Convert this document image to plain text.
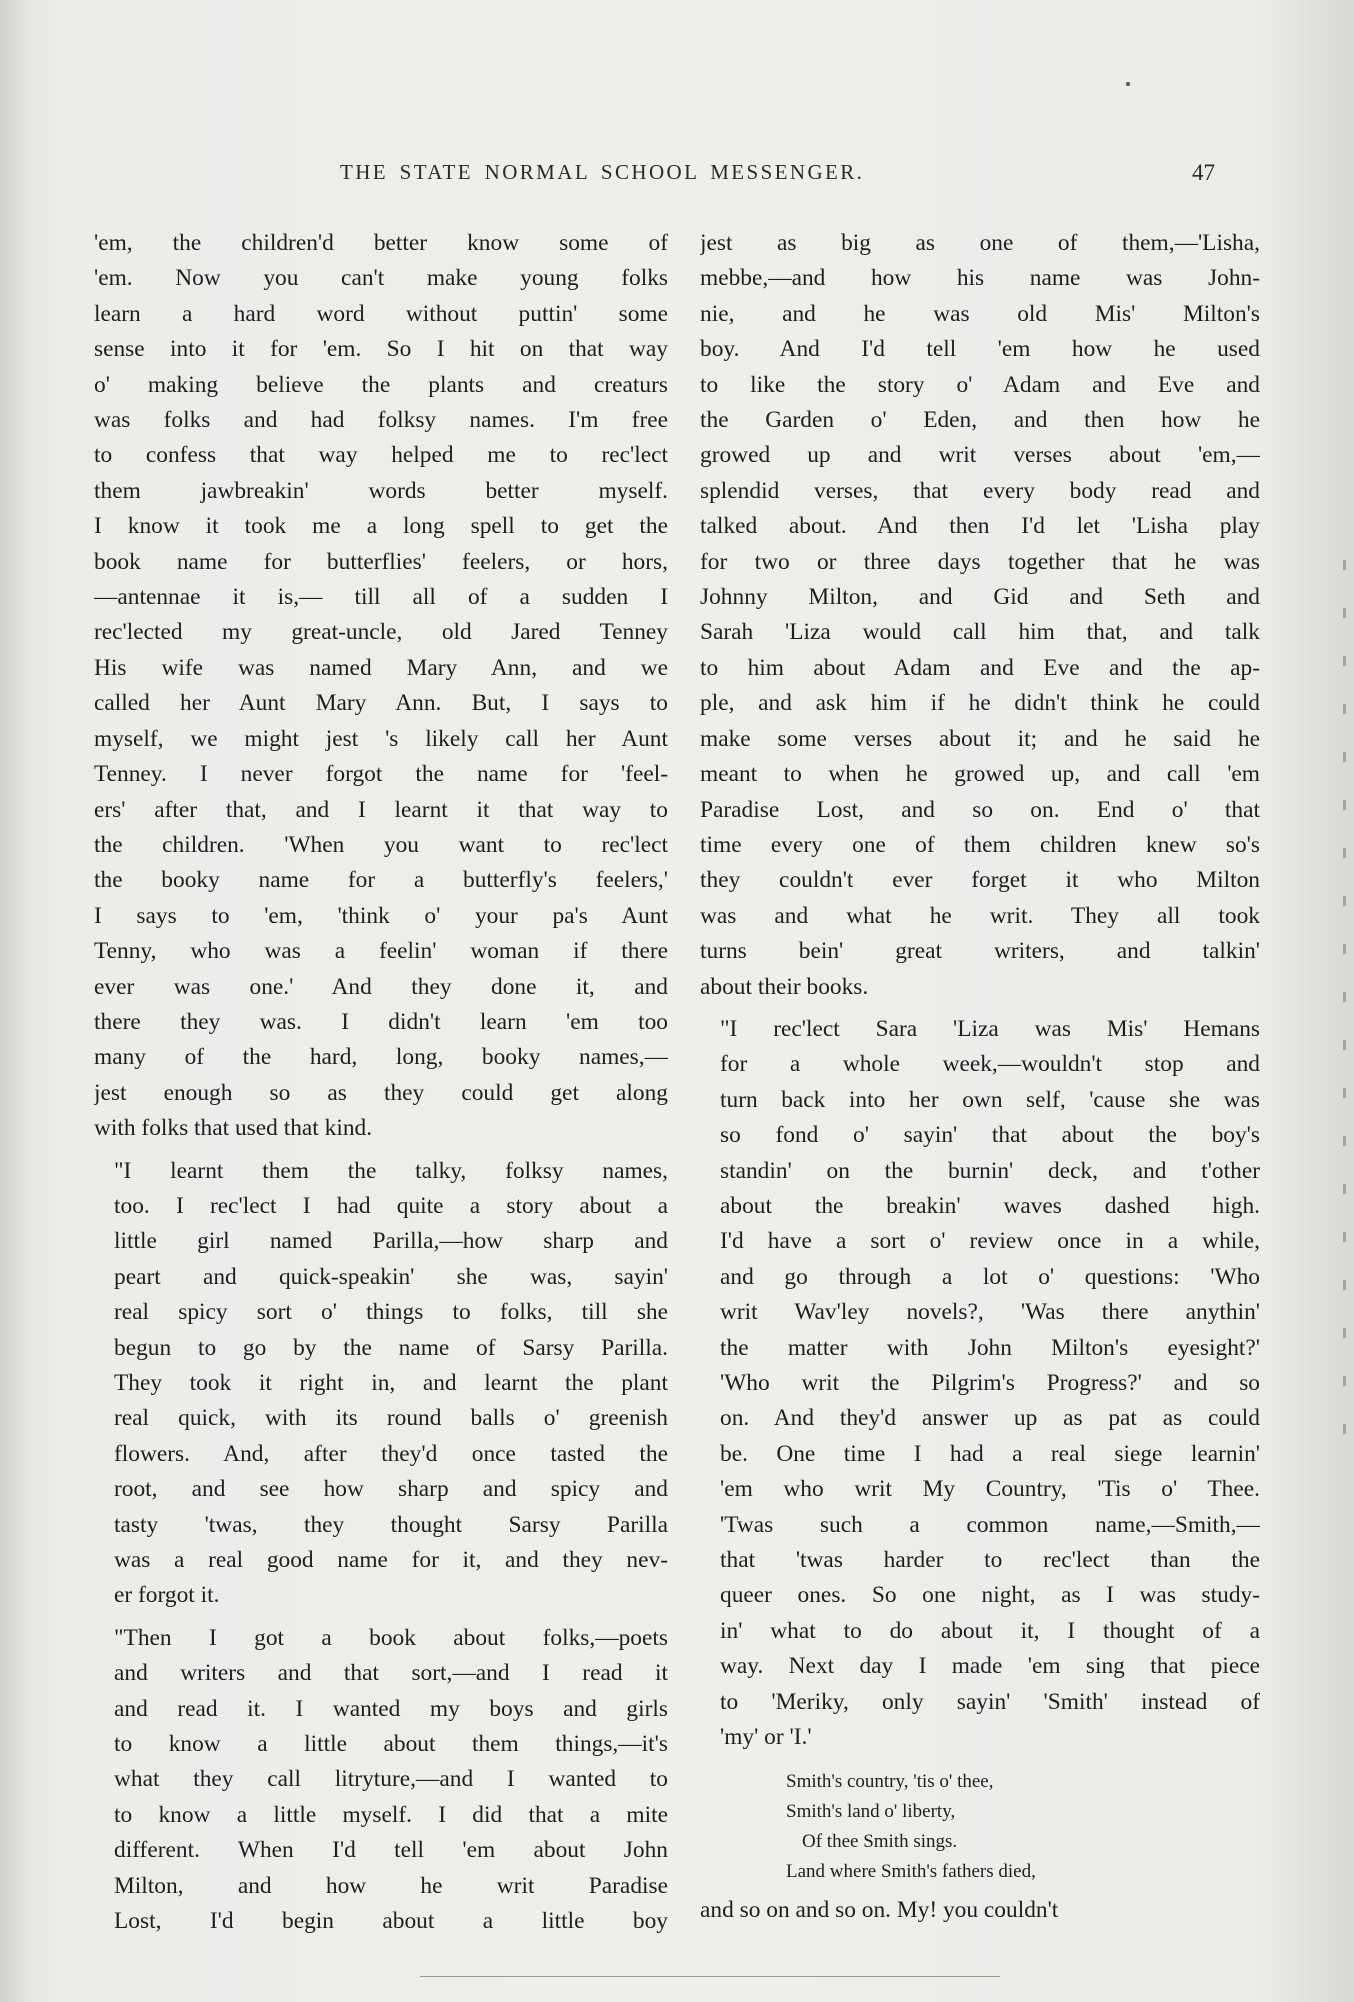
THE STATE NORMAL SCHOOL MESSENGER.	47

'em, the children'd better know some of
'em. Now you can't make young folks
learn a hard word without puttin' some
sense into it for 'em. So I hit on that way
o' making believe the plants and creaturs
was folks and had folksy names. I'm free
to confess that way helped me to rec'lect
them jawbreakin' words better myself.
I know it took me a long spell to get the
book name for butterflies' feelers, or hors,
—antennae it is,— till all of a sudden I
rec'lected my great-uncle, old Jared Tenney
His wife was named Mary Ann, and we
called her Aunt Mary Ann. But, I says to
myself, we might jest 's likely call her Aunt
Tenney. I never forgot the name for 'feel-
ers' after that, and I learnt it that way to
the children. 'When you want to rec'lect
the booky name for a butterfly's feelers,'
I says to 'em, 'think o' your pa's Aunt
Tenny, who was a feelin' woman if there
ever was one.' And they done it, and
there they was. I didn't learn 'em too
many of the hard, long, booky names,—
jest enough so as they could get along
with folks that used that kind.

"I learnt them the talky, folksy names,
too. I rec'lect I had quite a story about a
little girl named Parilla,—how sharp and
peart and quick-speakin' she was, sayin'
real spicy sort o' things to folks, till she
begun to go by the name of Sarsy Parilla.
They took it right in, and learnt the plant
real quick, with its round balls o' greenish
flowers. And, after they'd once tasted the
root, and see how sharp and spicy and
tasty 'twas, they thought Sarsy Parilla
was a real good name for it, and they nev-
er forgot it.

"Then I got a book about folks,—poets
and writers and that sort,—and I read it
and read it. I wanted my boys and girls
to know a little about them things,—it's
what they call litryture,—and I wanted to
to know a little myself. I did that a mite
different. When I'd tell 'em about John
Milton, and how he writ Paradise
Lost, I'd begin about a little boy

jest as big as one of them,—'Lisha,
mebbe,—and how his name was John-
nie, and he was old Mis' Milton's
boy. And I'd tell 'em how he used
to like the story o' Adam and Eve and
the Garden o' Eden, and then how he
growed up and writ verses about 'em,—
splendid verses, that every body read and
talked about. And then I'd let 'Lisha play
for two or three days together that he was
Johnny Milton, and Gid and Seth and
Sarah 'Liza would call him that, and talk
to him about Adam and Eve and the ap-
ple, and ask him if he didn't think he could
make some verses about it; and he said he
meant to when he growed up, and call 'em
Paradise Lost, and so on. End o' that
time every one of them children knew so's
they couldn't ever forget it who Milton
was and what he writ. They all took
turns bein' great writers, and talkin'
about their books.

"I rec'lect Sara 'Liza was Mis' Hemans
for a whole week,—wouldn't stop and
turn back into her own self, 'cause she was
so fond o' sayin' that about the boy's
standin' on the burnin' deck, and t'other
about the breakin' waves dashed high.
I'd have a sort o' review once in a while,
and go through a lot o' questions: 'Who
writ Wav'ley novels?, 'Was there anythin'
the matter with John Milton's eyesight?'
'Who writ the Pilgrim's Progress?' and so
on. And they'd answer up as pat as could
be. One time I had a real siege learnin'
'em who writ My Country, 'Tis o' Thee.
'Twas such a common name,—Smith,—
that 'twas harder to rec'lect than the
queer ones. So one night, as I was study-
in' what to do about it, I thought of a
way. Next day I made 'em sing that piece
to 'Meriky, only sayin' 'Smith' instead of
'my' or 'I.'

Smith's country, 'tis o' thee,
Smith's land o' liberty,
Of thee Smith sings.
Land where Smith's fathers died,

and so on and so on. My! you couldn't
